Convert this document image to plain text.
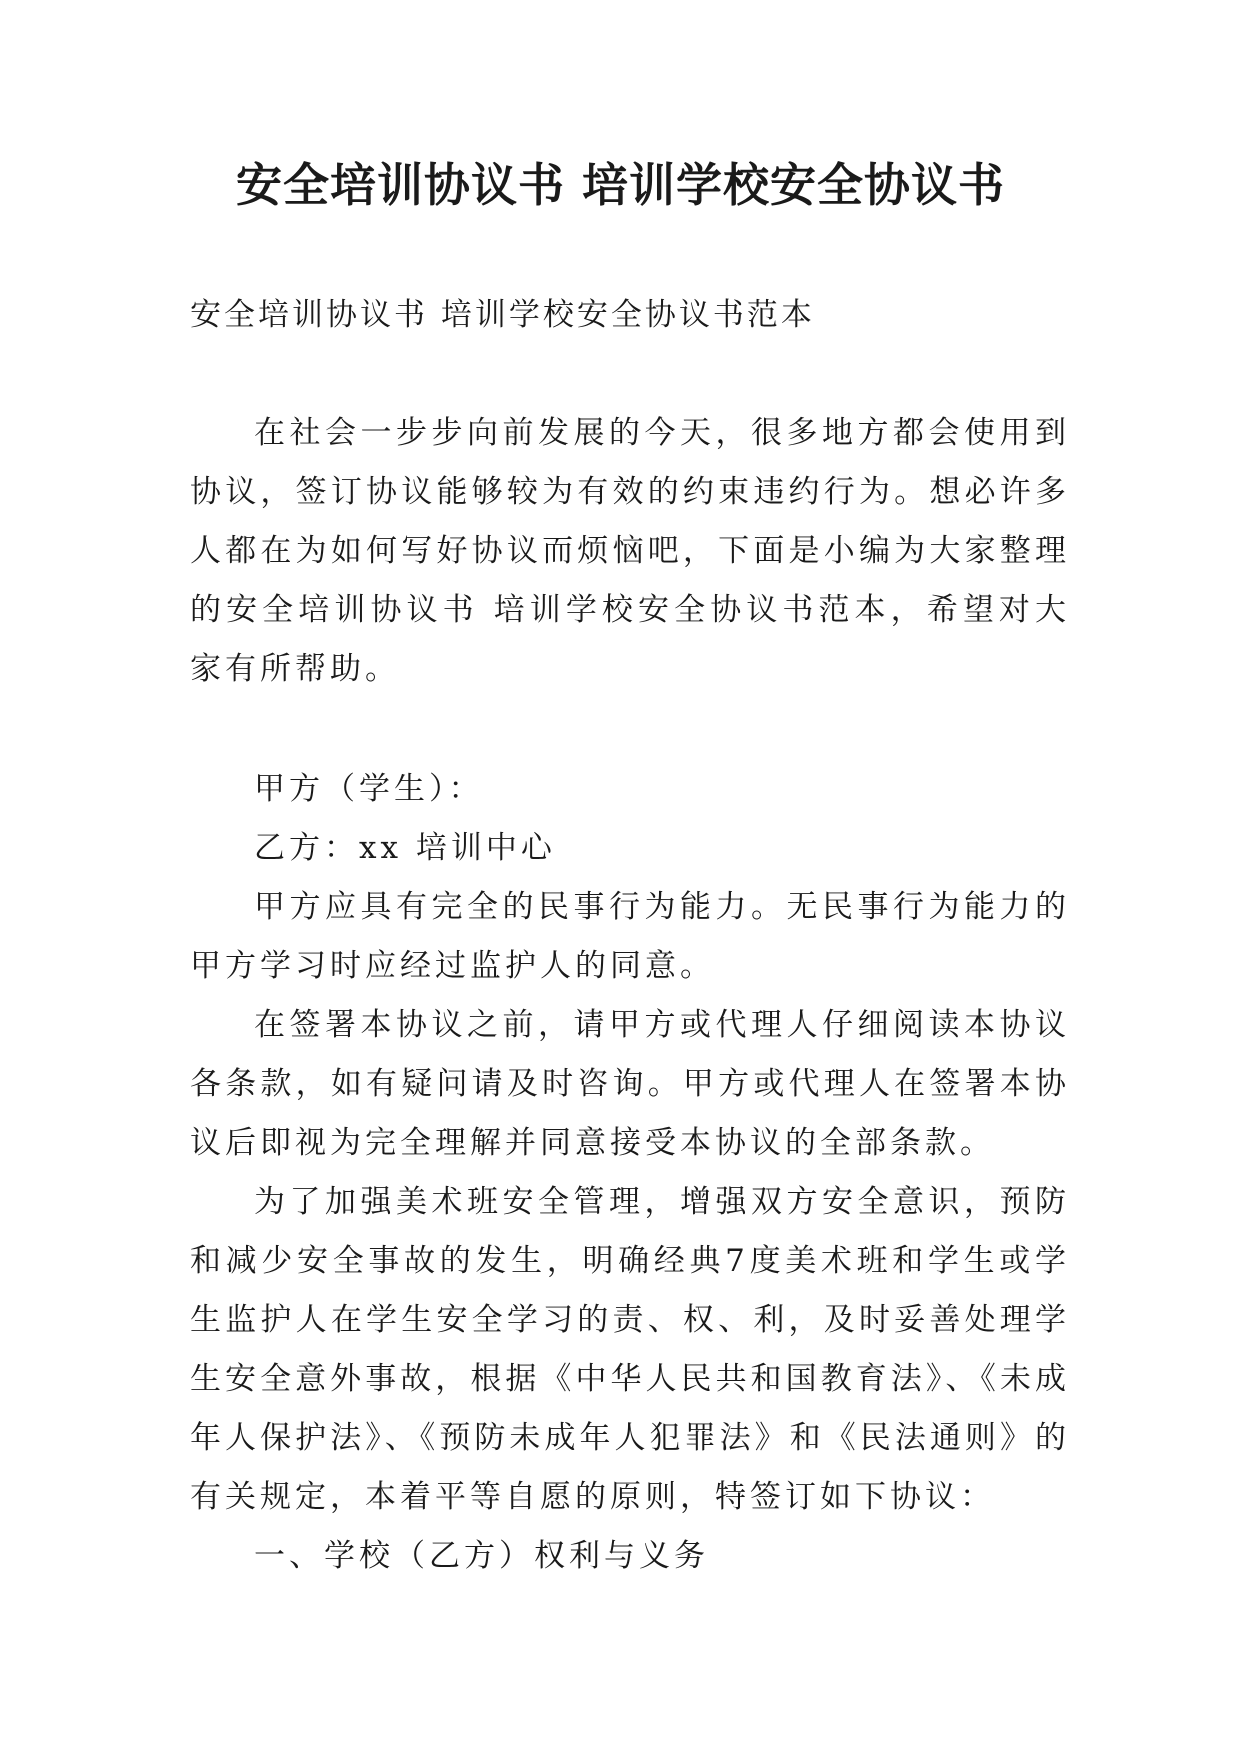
安全培训协议书 培训学校安全协议书
安全培训协议书 培训学校安全协议书范本
在社会一步步向前发展的今天，很多地方都会使用到协议，签订协议能够较为有效的约束违约行为。想必许多人都在为如何写好协议而烦恼吧，下面是小编为大家整理的安全培训协议书 培训学校安全协议书范本，希望对大家有所帮助。

甲方（学生）：

乙方：xx 培训中心

甲方应具有完全的民事行为能力。无民事行为能力的甲方学习时应经过监护人的同意。

在签署本协议之前，请甲方或代理人仔细阅读本协议各条款，如有疑问请及时咨询。甲方或代理人在签署本协议后即视为完全理解并同意接受本协议的全部条款。

为了加强美术班安全管理，增强双方安全意识，预防和减少安全事故的发生，明确经典7度美术班和学生或学生监护人在学生安全学习的责、权、利，及时妥善处理学生安全意外事故，根据《中华人民共和国教育法》、《未成年人保护法》、《预防未成年人犯罪法》和《民法通则》的有关规定，本着平等自愿的原则，特签订如下协议：

一、学校（乙方）权利与义务
